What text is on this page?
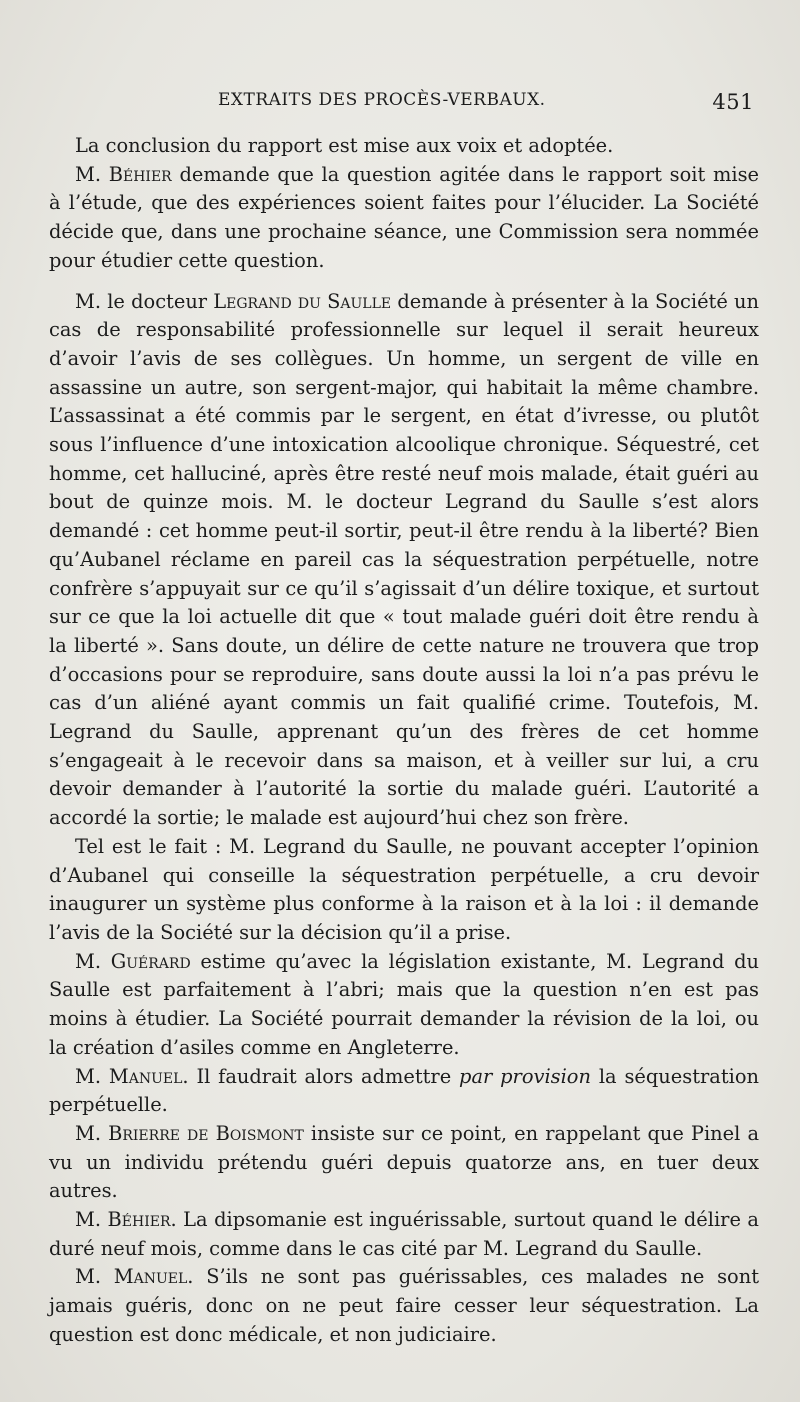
EXTRAITS DES PROCÈS-VERBAUX.	451

La conclusion du rapport est mise aux voix et adoptée.

M. Béhier demande que la question agitée dans le rapport soit mise à l’étude, que des expériences soient faites pour l’élucider. La Société décide que, dans une prochaine séance, une Commission sera nommée pour étudier cette question.

M. le docteur Legrand du Saulle demande à présenter à la Société un cas de responsabilité professionnelle sur lequel il serait heureux d’avoir l’avis de ses collègues. Un homme, un sergent de ville en assassine un autre, son sergent-major, qui habitait la même chambre. L’assassinat a été commis par le sergent, en état d’ivresse, ou plutôt sous l’influence d’une intoxication alcoolique chronique. Séquestré, cet homme, cet halluciné, après être resté neuf mois malade, était guéri au bout de quinze mois. M. le docteur Legrand du Saulle s’est alors demandé : cet homme peut-il sortir, peut-il être rendu à la liberté? Bien qu’Aubanel réclame en pareil cas la séquestration perpétuelle, notre confrère s’appuyait sur ce qu’il s’agissait d’un délire toxique, et surtout sur ce que la loi actuelle dit que « tout malade guéri doit être rendu à la liberté ». Sans doute, un délire de cette nature ne trouvera que trop d’occasions pour se reproduire, sans doute aussi la loi n’a pas prévu le cas d’un aliéné ayant commis un fait qualifié crime. Toutefois, M. Legrand du Saulle, apprenant qu’un des frères de cet homme s’engageait à le recevoir dans sa maison, et à veiller sur lui, a cru devoir demander à l’autorité la sortie du malade guéri. L’autorité a accordé la sortie; le malade est aujourd’hui chez son frère.

Tel est le fait : M. Legrand du Saulle, ne pouvant accepter l’opinion d’Aubanel qui conseille la séquestration perpétuelle, a cru devoir inaugurer un système plus conforme à la raison et à la loi : il demande l’avis de la Société sur la décision qu’il a prise.

M. Guérard estime qu’avec la législation existante, M. Legrand du Saulle est parfaitement à l’abri; mais que la question n’en est pas moins à étudier. La Société pourrait demander la révision de la loi, ou la création d’asiles comme en Angleterre.

M. Manuel. Il faudrait alors admettre par provision la séquestration perpétuelle.

M. Brierre de Boismont insiste sur ce point, en rappelant que Pinel a vu un individu prétendu guéri depuis quatorze ans, en tuer deux autres.

M. Béhier. La dipsomanie est inguérissable, surtout quand le délire a duré neuf mois, comme dans le cas cité par M. Legrand du Saulle.

M. Manuel. S’ils ne sont pas guérissables, ces malades ne sont jamais guéris, donc on ne peut faire cesser leur séquestration. La question est donc médicale, et non judiciaire.
